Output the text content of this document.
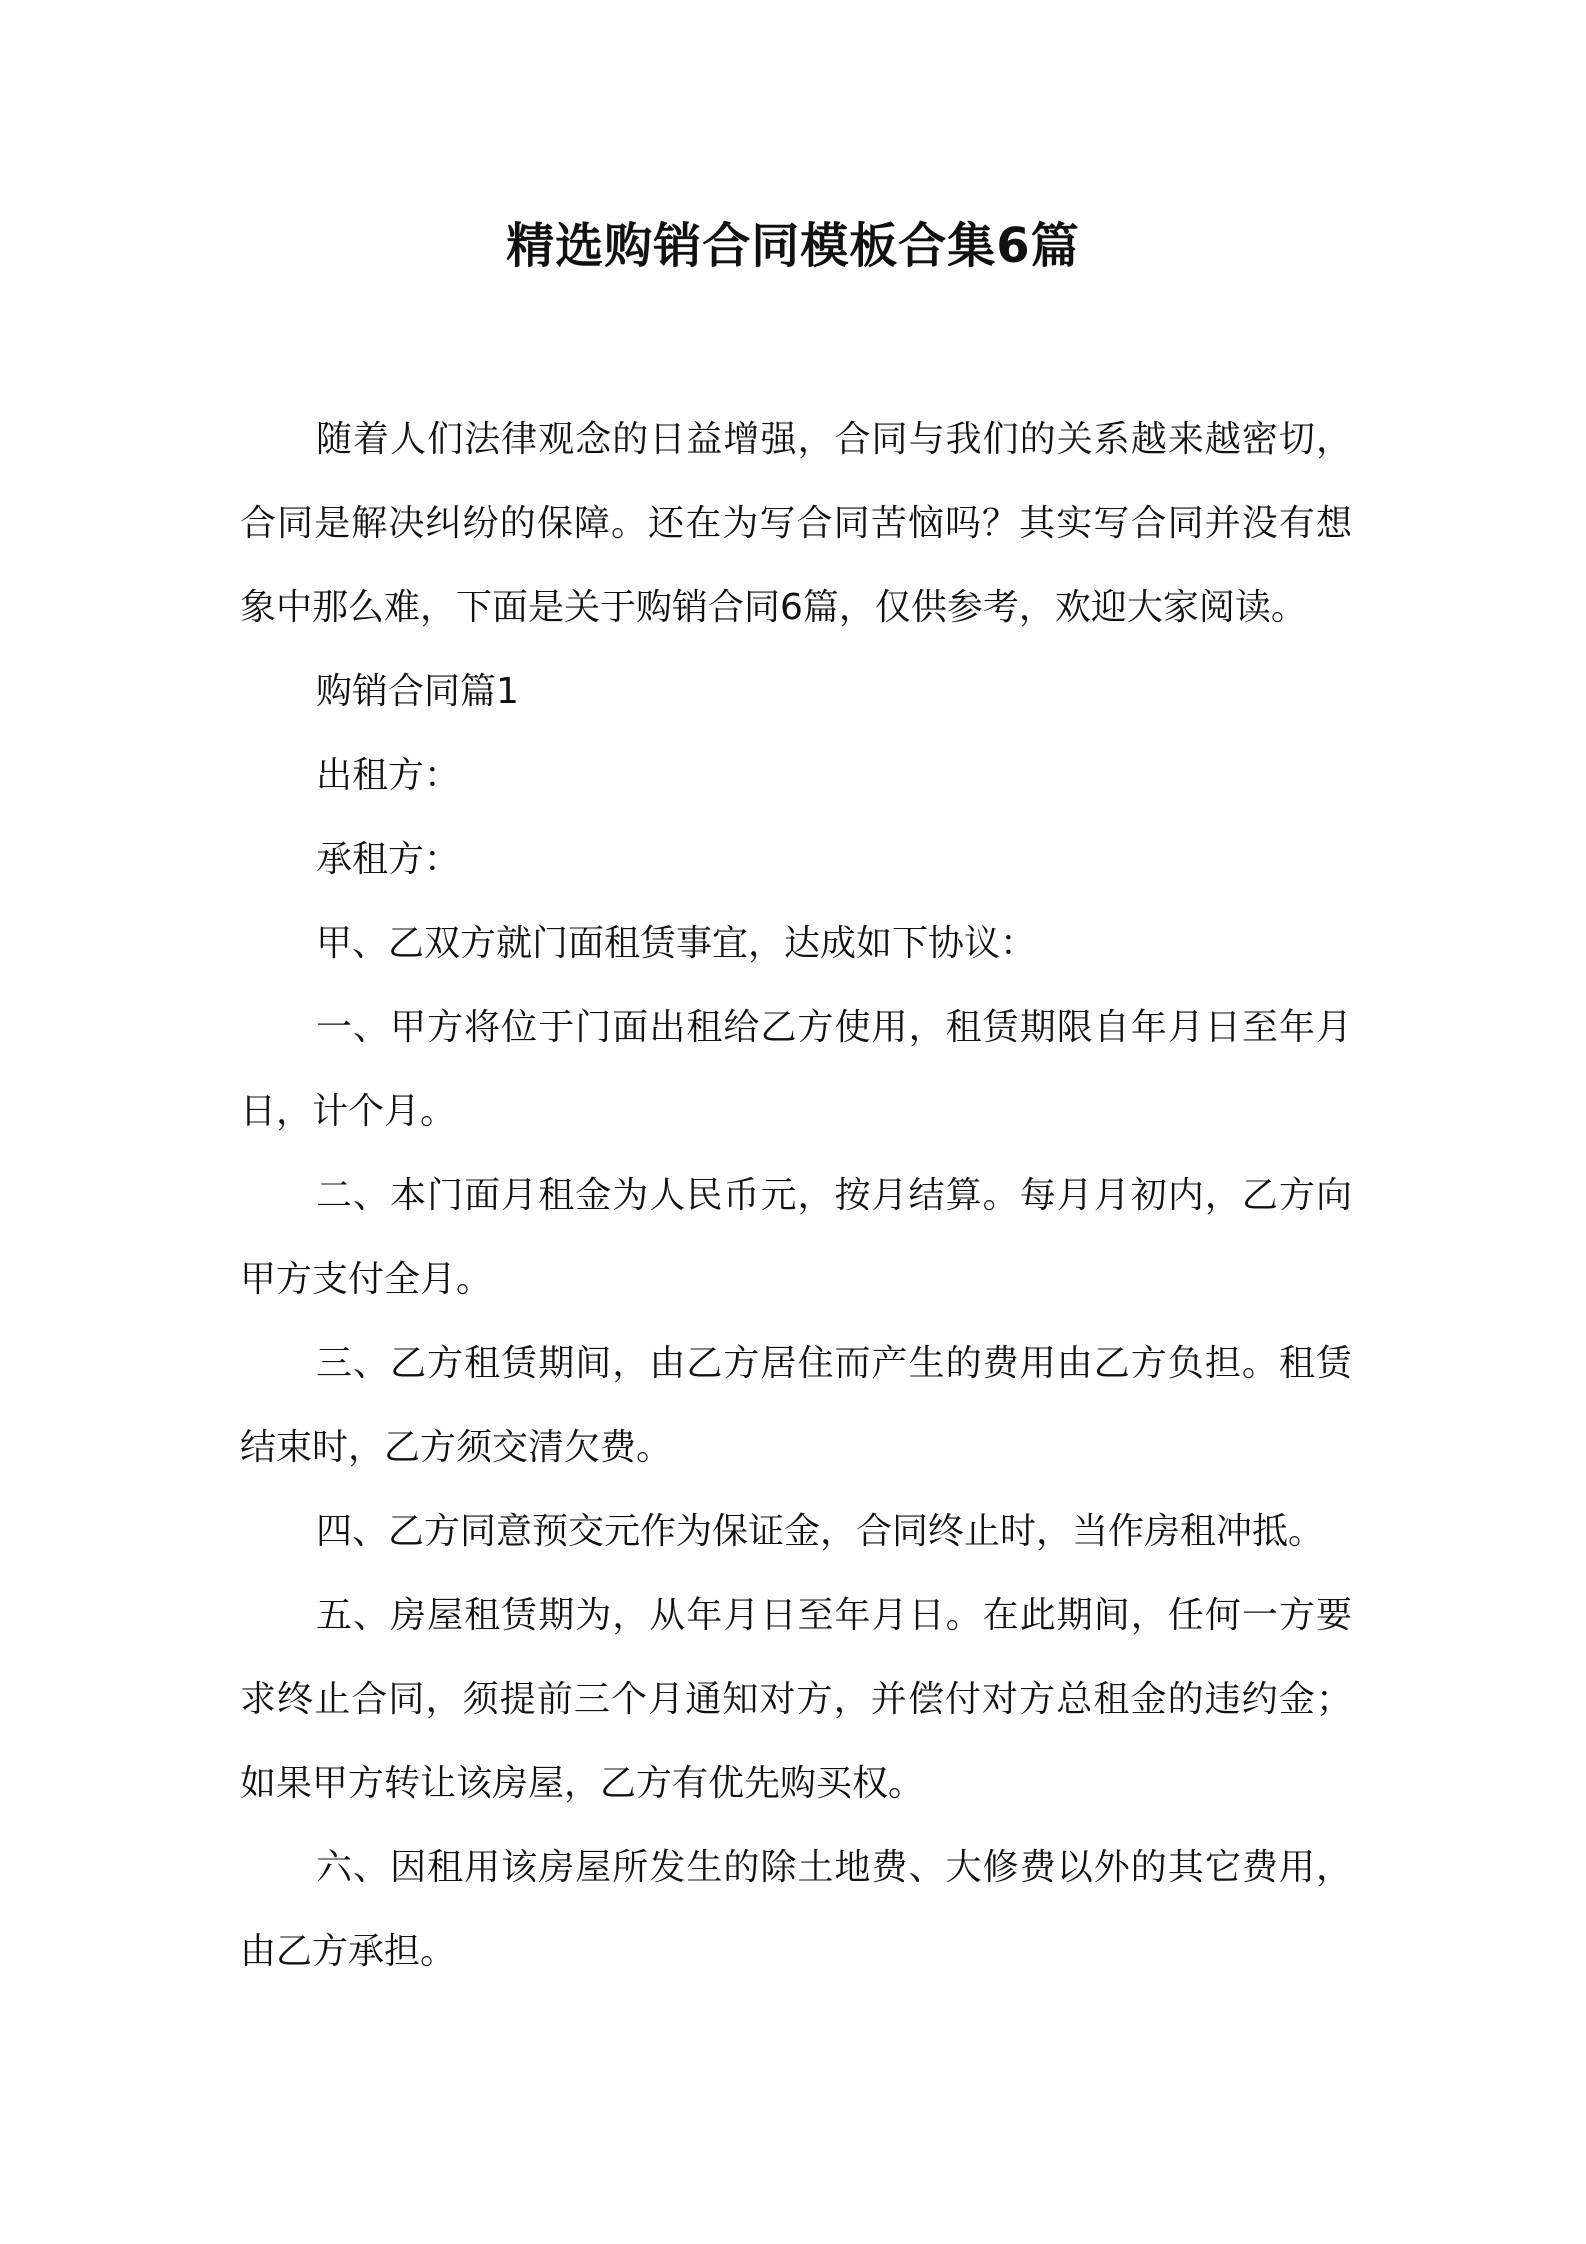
精选购销合同模板合集6篇

随着人们法律观念的日益增强，合同与我们的关系越来越密切，合同是解决纠纷的保障。还在为写合同苦恼吗？其实写合同并没有想象中那么难，下面是关于购销合同6篇，仅供参考，欢迎大家阅读。

购销合同篇1

出租方：

承租方：

甲、乙双方就门面租赁事宜，达成如下协议：

一、甲方将位于门面出租给乙方使用，租赁期限自年月日至年月日，计个月。

二、本门面月租金为人民币元，按月结算。每月月初内，乙方向甲方支付全月。

三、乙方租赁期间，由乙方居住而产生的费用由乙方负担。租赁结束时，乙方须交清欠费。

四、乙方同意预交元作为保证金，合同终止时，当作房租冲抵。

五、房屋租赁期为，从年月日至年月日。在此期间，任何一方要求终止合同，须提前三个月通知对方，并偿付对方总租金的违约金；如果甲方转让该房屋，乙方有优先购买权。

六、因租用该房屋所发生的除土地费、大修费以外的其它费用，由乙方承担。
